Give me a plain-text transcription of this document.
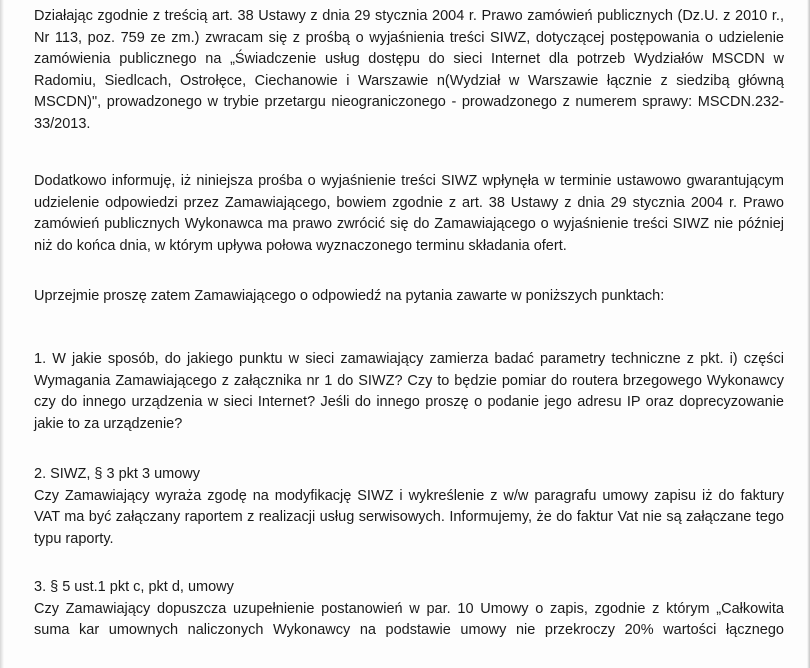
Działając zgodnie z treścią art. 38 Ustawy z dnia 29 stycznia 2004 r. Prawo zamówień publicznych (Dz.U. z 2010 r.,
Nr 113, poz. 759 ze zm.) zwracam się z prośbą o wyjaśnienia treści SIWZ, dotyczącej postępowania o udzielenie
zamówienia publicznego na „Świadczenie usług dostępu do sieci Internet dla potrzeb Wydziałów MSCDN w
Radomiu, Siedlcach, Ostrołęce, Ciechanowie i Warszawie n(Wydział w Warszawie łącznie z siedzibą główną
MSCDN)", prowadzonego w trybie przetargu nieograniczonego - prowadzonego z numerem sprawy: MSCDN.232-
33/2013.
Dodatkowo informuję, iż niniejsza prośba o wyjaśnienie treści SIWZ wpłynęła w terminie ustawowo gwarantującym
udzielenie odpowiedzi przez Zamawiającego, bowiem zgodnie z art. 38 Ustawy z dnia 29 stycznia 2004 r. Prawo
zamówień publicznych Wykonawca ma prawo zwrócić się do Zamawiającego o wyjaśnienie treści SIWZ nie później
niż do końca dnia, w którym upływa połowa wyznaczonego terminu składania ofert.
Uprzejmie proszę zatem Zamawiającego o odpowiedź na pytania zawarte w poniższych punktach:
1. W jakie sposób, do jakiego punktu w sieci zamawiający zamierza badać parametry techniczne z pkt. i) części
Wymagania Zamawiającego z załącznika nr 1 do SIWZ? Czy to będzie pomiar do routera brzegowego Wykonawcy
czy do innego urządzenia w sieci Internet? Jeśli do innego proszę o podanie jego adresu IP oraz doprecyzowanie
jakie to za urządzenie?
2. SIWZ, § 3 pkt 3 umowy
Czy Zamawiający wyraża zgodę na modyfikację SIWZ i wykreślenie z w/w paragrafu umowy zapisu iż do faktury
VAT ma być załączany raportem z realizacji usług serwisowych. Informujemy, że do faktur Vat nie są załączane tego
typu raporty.
3. § 5 ust.1 pkt c, pkt d, umowy
Czy Zamawiający dopuszcza uzupełnienie postanowień w par. 10 Umowy o zapis, zgodnie z którym „Całkowita
suma kar umownych naliczonych Wykonawcy na podstawie umowy nie przekroczy 20% wartości łącznego
